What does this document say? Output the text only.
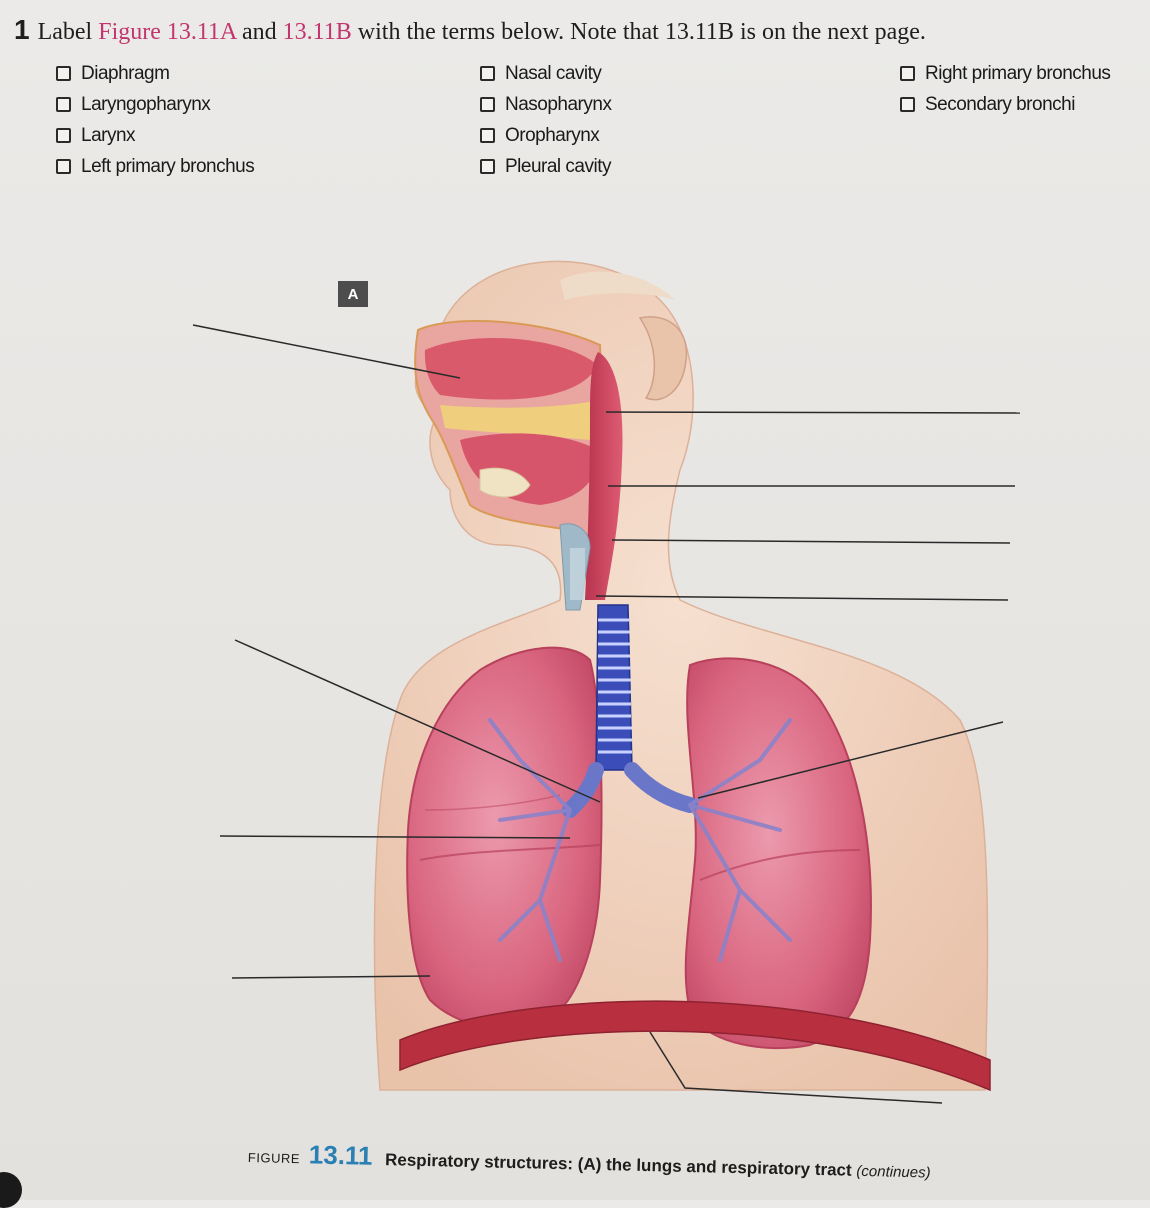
1 Label Figure 13.11A and 13.11B with the terms below. Note that 13.11B is on the next page.
Diaphragm
Laryngopharynx
Larynx
Left primary bronchus
Nasal cavity
Nasopharynx
Oropharynx
Pleural cavity
Right primary bronchus
Secondary bronchi
A
FIGURE 13.11 Respiratory structures: (A) the lungs and respiratory tract (continues)
